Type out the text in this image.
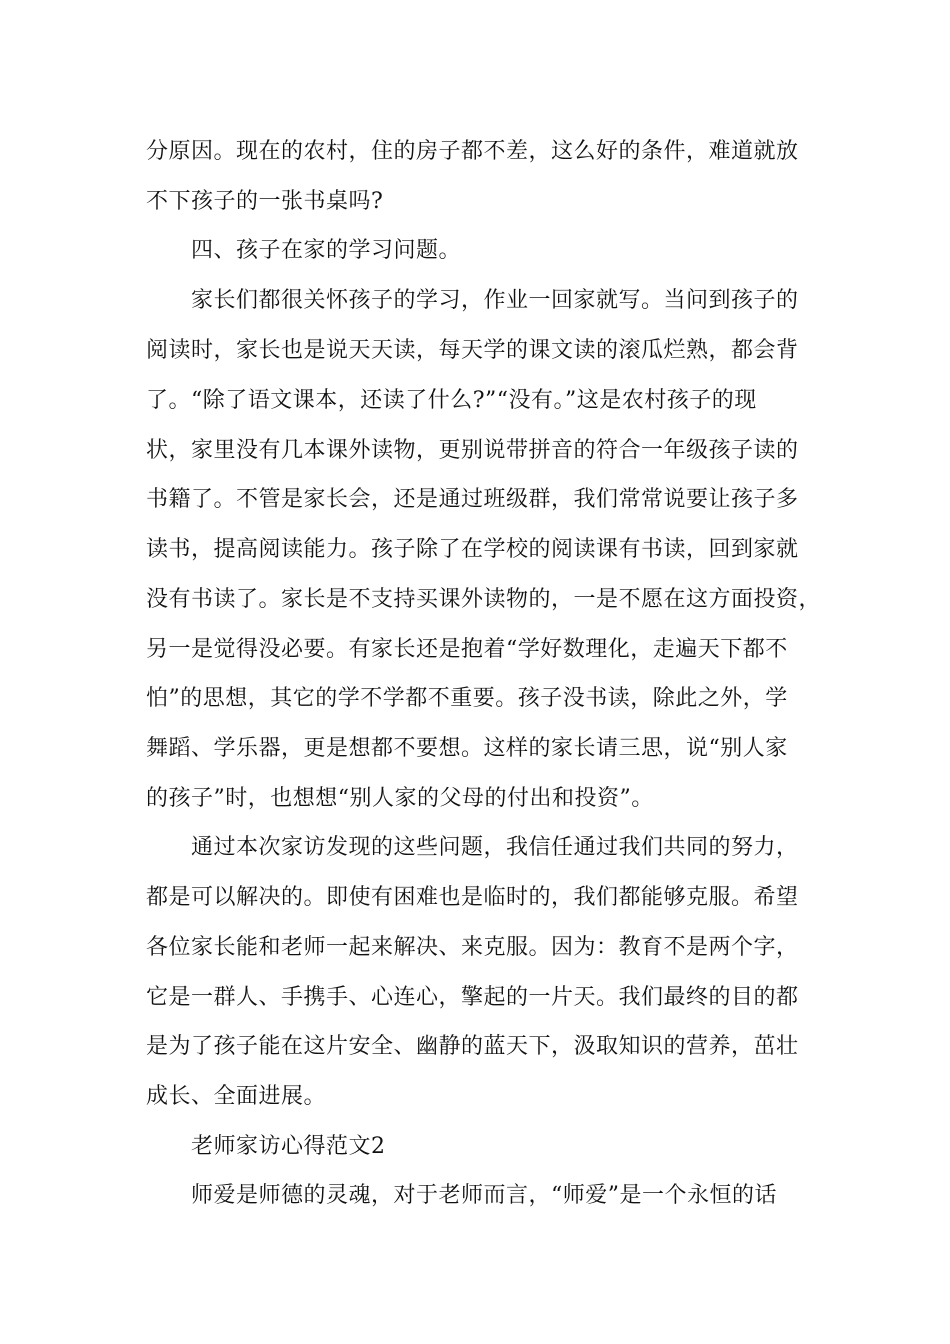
分原因。现在的农村，住的房子都不差，这么好的条件，难道就放
不下孩子的一张书桌吗?
四、孩子在家的学习问题。
家长们都很关怀孩子的学习，作业一回家就写。当问到孩子的
阅读时，家长也是说天天读，每天学的课文读的滚瓜烂熟，都会背
了。“除了语文课本，还读了什么?”“没有。”这是农村孩子的现
状，家里没有几本课外读物，更别说带拼音的符合一年级孩子读的
书籍了。不管是家长会，还是通过班级群，我们常常说要让孩子多
读书，提高阅读能力。孩子除了在学校的阅读课有书读，回到家就
没有书读了。家长是不支持买课外读物的，一是不愿在这方面投资，
另一是觉得没必要。有家长还是抱着“学好数理化，走遍天下都不
怕”的思想，其它的学不学都不重要。孩子没书读，除此之外，学
舞蹈、学乐器，更是想都不要想。这样的家长请三思，说“别人家
的孩子”时，也想想“别人家的父母的付出和投资”。
通过本次家访发现的这些问题，我信任通过我们共同的努力，
都是可以解决的。即使有困难也是临时的，我们都能够克服。希望
各位家长能和老师一起来解决、来克服。因为：教育不是两个字，
它是一群人、手携手、心连心，擎起的一片天。我们最终的目的都
是为了孩子能在这片安全、幽静的蓝天下，汲取知识的营养，茁壮
成长、全面进展。
老师家访心得范文2
师爱是师德的灵魂，对于老师而言，“师爱”是一个永恒的话
